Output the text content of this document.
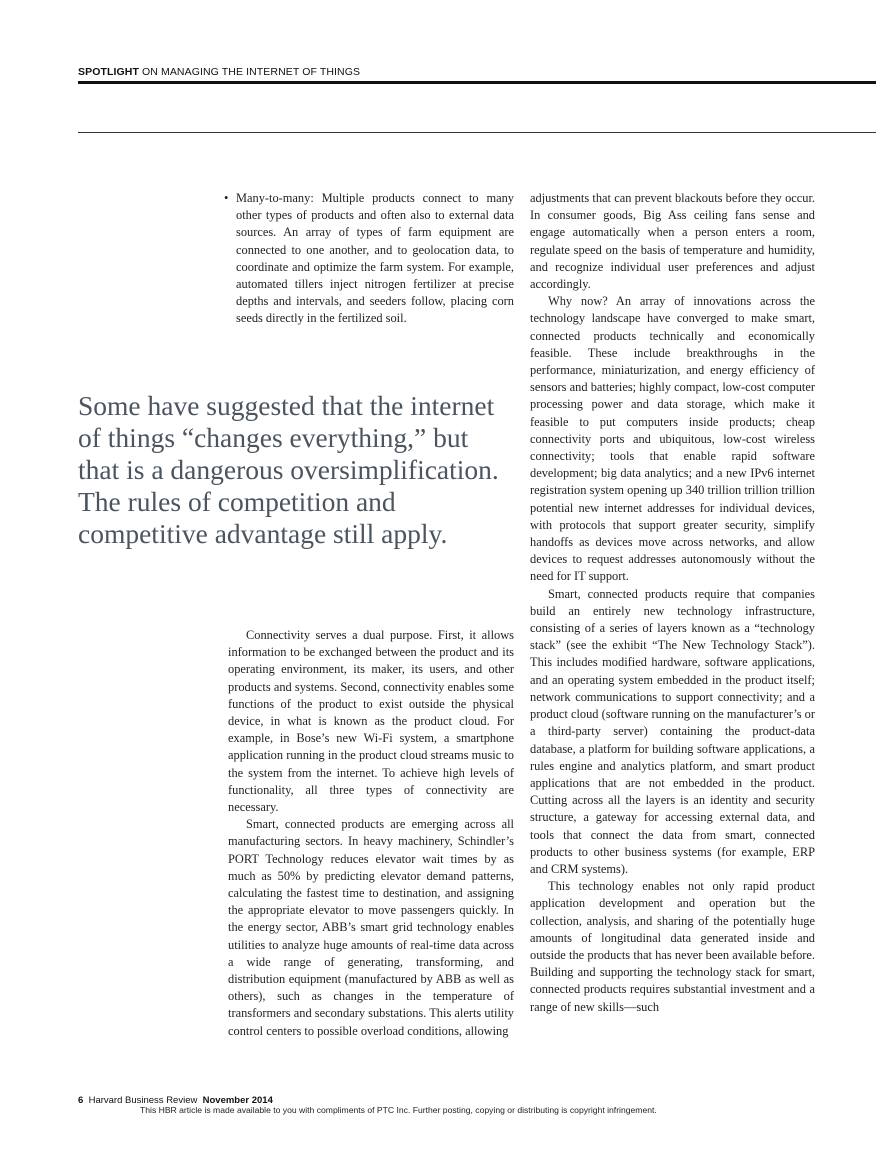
SPOTLIGHT ON MANAGING THE INTERNET OF THINGS
• Many-to-many: Multiple products connect to many other types of products and often also to external data sources. An array of types of farm equipment are connected to one another, and to geolocation data, to coordinate and optimize the farm system. For example, automated tillers inject nitrogen fertilizer at precise depths and intervals, and seeders follow, placing corn seeds directly in the fertilized soil.

Some have suggested that the internet of things “changes everything,” but that is a dangerous oversimplification. The rules of competition and competitive advantage still apply.

Connectivity serves a dual purpose. First, it allows information to be exchanged between the product and its operating environment, its maker, its users, and other products and systems. Second, connectivity enables some functions of the product to exist outside the physical device, in what is known as the product cloud. For example, in Bose’s new Wi-Fi system, a smartphone application running in the product cloud streams music to the system from the internet. To achieve high levels of functionality, all three types of connectivity are necessary.

Smart, connected products are emerging across all manufacturing sectors. In heavy machinery, Schindler’s PORT Technology reduces elevator wait times by as much as 50% by predicting elevator demand patterns, calculating the fastest time to destination, and assigning the appropriate elevator to move passengers quickly. In the energy sector, ABB’s smart grid technology enables utilities to analyze huge amounts of real-time data across a wide range of generating, transforming, and distribution equipment (manufactured by ABB as well as others), such as changes in the temperature of transformers and secondary substations. This alerts utility control centers to possible overload conditions, allowing

adjustments that can prevent blackouts before they occur. In consumer goods, Big Ass ceiling fans sense and engage automatically when a person enters a room, regulate speed on the basis of temperature and humidity, and recognize individual user preferences and adjust accordingly.

Why now? An array of innovations across the technology landscape have converged to make smart, connected products technically and economically feasible. These include breakthroughs in the performance, miniaturization, and energy efficiency of sensors and batteries; highly compact, low-cost computer processing power and data storage, which make it feasible to put computers inside products; cheap connectivity ports and ubiquitous, low-cost wireless connectivity; tools that enable rapid software development; big data analytics; and a new IPv6 internet registration system opening up 340 trillion trillion trillion potential new internet addresses for individual devices, with protocols that support greater security, simplify handoffs as devices move across networks, and allow devices to request addresses autonomously without the need for IT support.

Smart, connected products require that companies build an entirely new technology infrastructure, consisting of a series of layers known as a “technology stack” (see the exhibit “The New Technology Stack”). This includes modified hardware, software applications, and an operating system embedded in the product itself; network communications to support connectivity; and a product cloud (software running on the manufacturer’s or a third-party server) containing the product-data database, a platform for building software applications, a rules engine and analytics platform, and smart product applications that are not embedded in the product. Cutting across all the layers is an identity and security structure, a gateway for accessing external data, and tools that connect the data from smart, connected products to other business systems (for example, ERP and CRM systems).

This technology enables not only rapid product application development and operation but the collection, analysis, and sharing of the potentially huge amounts of longitudinal data generated inside and outside the products that has never been available before. Building and supporting the technology stack for smart, connected products requires substantial investment and a range of new skills—such

6 Harvard Business Review November 2014
This HBR article is made available to you with compliments of PTC Inc. Further posting, copying or distributing is copyright infringement.
